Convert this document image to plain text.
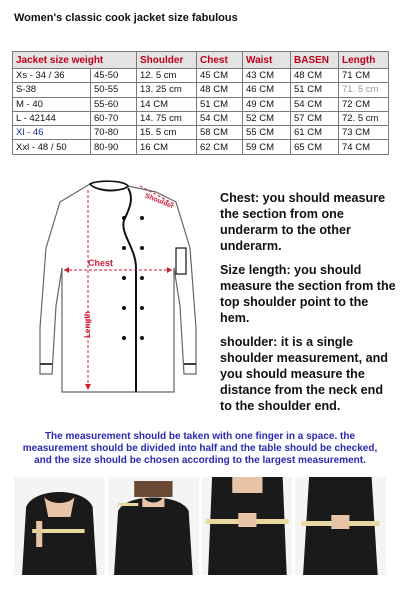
Women's classic cook jacket size fabulous
Jacket size weight		Shoulder	Chest	Waist	BASEN	Length
Xs - 34 / 36	45-50	12. 5 cm	45 CM	43 CM	48 CM	71 CM
S-38	50-55	13. 25 cm	48 CM	46 CM	51 CM	71. 5 cm
M - 40	55-60	14 CM	51 CM	49 CM	54 CM	72 CM
L - 42144	60-70	14. 75 cm	54 CM	52 CM	57 CM	72. 5 cm
Xl - 46	70-80	15. 5 cm	58 CM	55 CM	61 CM	73 CM
Xxl - 48 / 50	80-90	16 CM	62 CM	59 CM	65 CM	74 CM
Shoulder
Chest
Length

Chest: you should measure the section from one underarm to the other underarm.

Size length: you should measure the section from the top shoulder point to the hem.

shoulder: it is a single shoulder measurement, and you should measure the distance from the neck end to the shoulder end.

The measurement should be taken with one finger in a space. the measurement should be divided into half and the table should be checked, and the size should be chosen according to the largest measurement.
